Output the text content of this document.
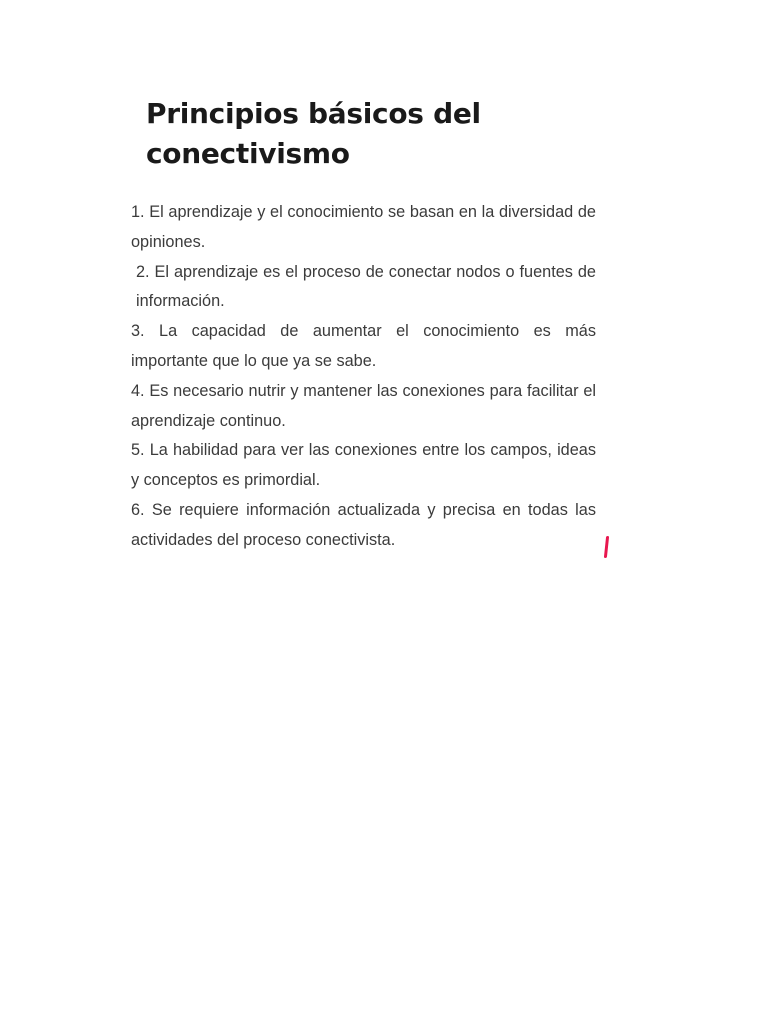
Principios básicos del conectivismo

1. El aprendizaje y el conocimiento se basan en la diversidad de opiniones.

2. El aprendizaje es el proceso de conectar nodos o fuentes de información.

3. La capacidad de aumentar el conocimiento es más importante que lo que ya se sabe.

4. Es necesario nutrir y mantener las conexiones para facilitar el aprendizaje continuo.

5. La habilidad para ver las conexiones entre los campos, ideas y conceptos es primordial.

6. Se requiere información actualizada y precisa en todas las actividades del proceso conectivista.
